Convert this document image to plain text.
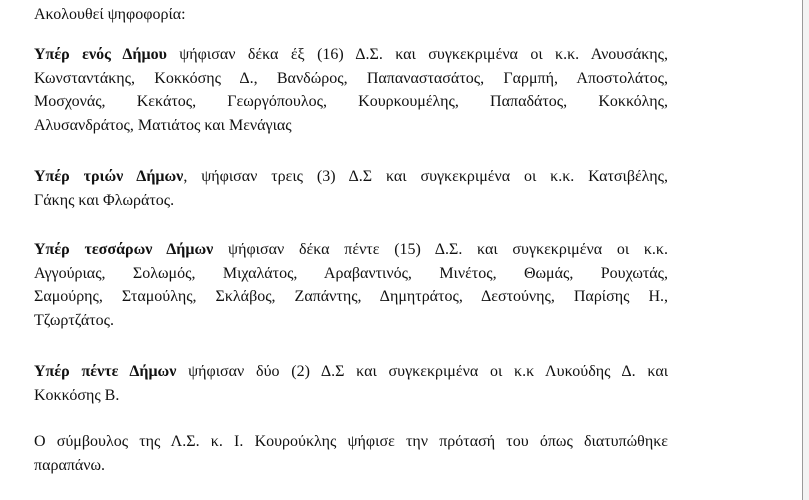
Ακολουθεί ψηφοφορία:

Υπέρ ενός Δήμου ψήφισαν δέκα έξ (16) Δ.Σ. και συγκεκριμένα οι κ.κ. Ανουσάκης,
Κωνσταντάκης, Κοκκόσης Δ., Βανδώρος, Παπαναστασάτος, Γαρμπή, Αποστολάτος,
Μοσχονάς, Κεκάτος, Γεωργόπουλος, Κουρκουμέλης, Παπαδάτος, Κοκκόλης,
Αλυσανδράτος, Ματιάτος και Μενάγιας

Υπέρ τριών Δήμων, ψήφισαν τρεις (3) Δ.Σ και συγκεκριμένα οι κ.κ. Κατσιβέλης,
Γάκης και Φλωράτος.

Υπέρ τεσσάρων Δήμων ψήφισαν δέκα πέντε (15) Δ.Σ. και συγκεκριμένα οι κ.κ.
Αγγούριας, Σολωμός, Μιχαλάτος, Αραβαντινός, Μινέτος, Θωμάς, Ρουχωτάς,
Σαμούρης, Σταμούλης, Σκλάβος, Ζαπάντης, Δημητράτος, Δεστούνης, Παρίσης Η.,
Τζωρτζάτος.

Υπέρ πέντε Δήμων ψήφισαν δύο (2) Δ.Σ και συγκεκριμένα οι κ.κ Λυκούδης Δ. και
Κοκκόσης Β.

Ο σύμβουλος της Λ.Σ. κ. Ι. Κουρούκλης ψήφισε την πρότασή του όπως διατυπώθηκε
παραπάνω.
